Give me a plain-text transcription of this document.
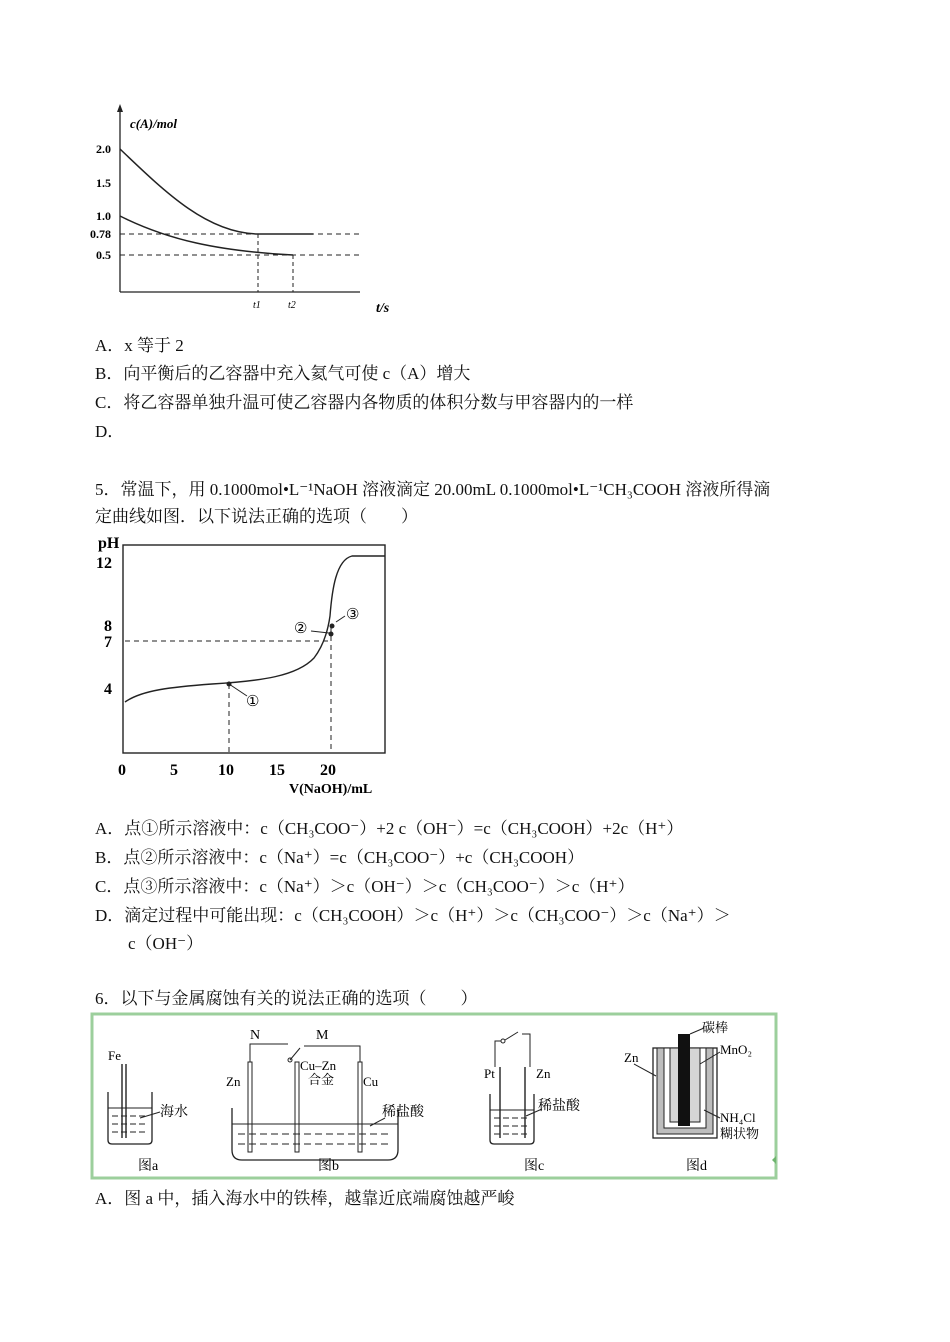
c(A)/mol
t/s
2.0
1.5
1.0
0.78
0.5
t1	t2
A．x 等于 2
B．向平衡后的乙容器中充入氦气可使 c（A）增大
C．将乙容器单独升温可使乙容器内各物质的体积分数与甲容器内的一样
D．
5．常温下，用 0.1000mol•L⁻¹NaOH 溶液滴定 20.00mL 0.1000mol•L⁻¹CH₃COOH 溶液所得滴
定曲线如图．以下说法正确的选项（　　）
pH
12
8
7
4
0	5	10 15 20
V(NaOH)/mL
①
②
③
A．点①所示溶液中：c（CH₃COO⁻）+2 c（OH⁻）=c（CH₃COOH）+2c（H⁺）
B．点②所示溶液中：c（Na⁺）=c（CH₃COO⁻）+c（CH₃COOH）
C．点③所示溶液中：c（Na⁺）＞c（OH⁻）＞c（CH₃COO⁻）＞c（H⁺）
D．滴定过程中可能出现：c（CH₃COOH）＞c（H⁺）＞c（CH₃COO⁻）＞c（Na⁺）＞
c（OH⁻）
6．以下与金属腐蚀有关的说法正确的选项（　　）
Fe
海水
图a
N	M
Zn
Cu–Zn
合金 Cu
稀盐酸
图b
Pt	Zn
稀盐酸
图c
碳棒
Zn
MnO₂
NH₄Cl
糊状物
图d
A．图 a 中，插入海水中的铁棒，越靠近底端腐蚀越严峻
